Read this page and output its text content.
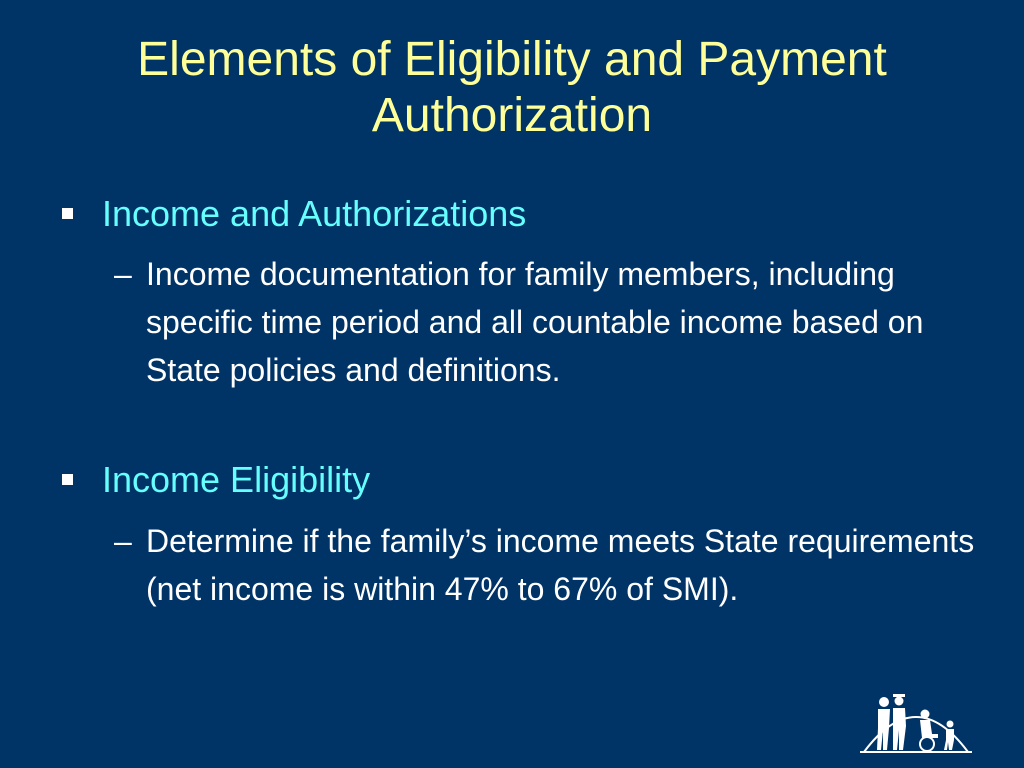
Elements of Eligibility and Payment
Authorization
Income and Authorizations
– Income documentation for family members, including specific time period and all countable income based on State policies and definitions.
Income Eligibility
– Determine if the family’s income meets State requirements (net income is within 47% to 67% of SMI).
